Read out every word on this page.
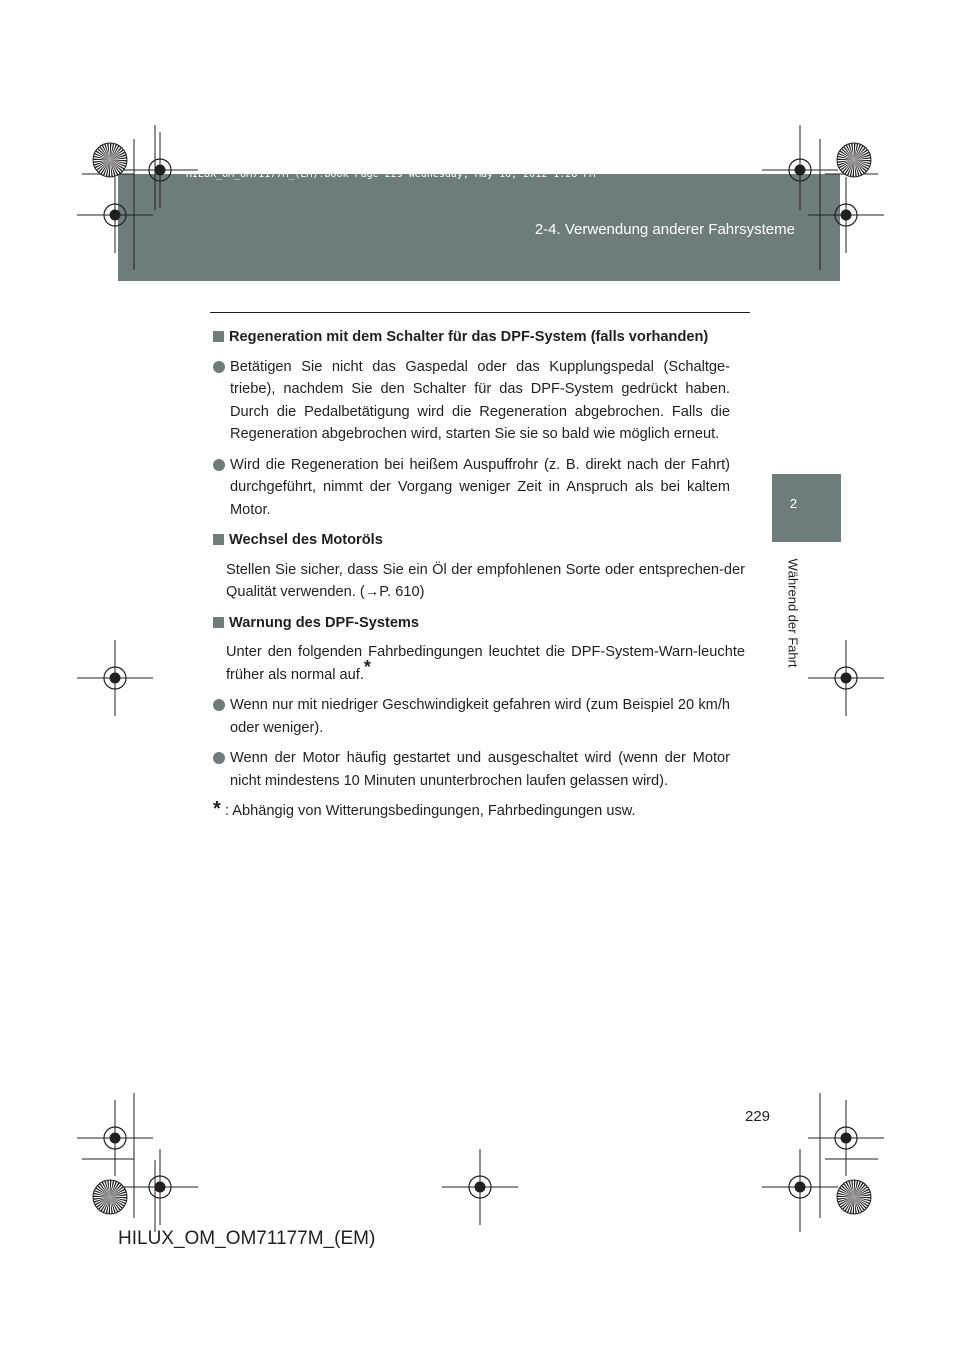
HILUX_OM_OM71177M_(EM).book Page 229 Wednesday, May 16, 2012 1:28 PM
2-4. Verwendung anderer Fahrsysteme
2
Während der Fahrt
Regeneration mit dem Schalter für das DPF-System (falls vorhanden)
Betätigen Sie nicht das Gaspedal oder das Kupplungspedal (Schaltge-triebe), nachdem Sie den Schalter für das DPF-System gedrückt haben. Durch die Pedalbetätigung wird die Regeneration abgebrochen. Falls die Regeneration abgebrochen wird, starten Sie sie so bald wie möglich erneut.
Wird die Regeneration bei heißem Auspuffrohr (z. B. direkt nach der Fahrt) durchgeführt, nimmt der Vorgang weniger Zeit in Anspruch als bei kaltem Motor.
Wechsel des Motoröls
Stellen Sie sicher, dass Sie ein Öl der empfohlenen Sorte oder entsprechen-der Qualität verwenden. (→P. 610)
Warnung des DPF-Systems
Unter den folgenden Fahrbedingungen leuchtet die DPF-System-Warn-leuchte früher als normal auf.*
Wenn nur mit niedriger Geschwindigkeit gefahren wird (zum Beispiel 20 km/h oder weniger).
Wenn der Motor häufig gestartet und ausgeschaltet wird (wenn der Motor nicht mindestens 10 Minuten ununterbrochen laufen gelassen wird).
* : Abhängig von Witterungsbedingungen, Fahrbedingungen usw.
229
HILUX_OM_OM71177M_(EM)
